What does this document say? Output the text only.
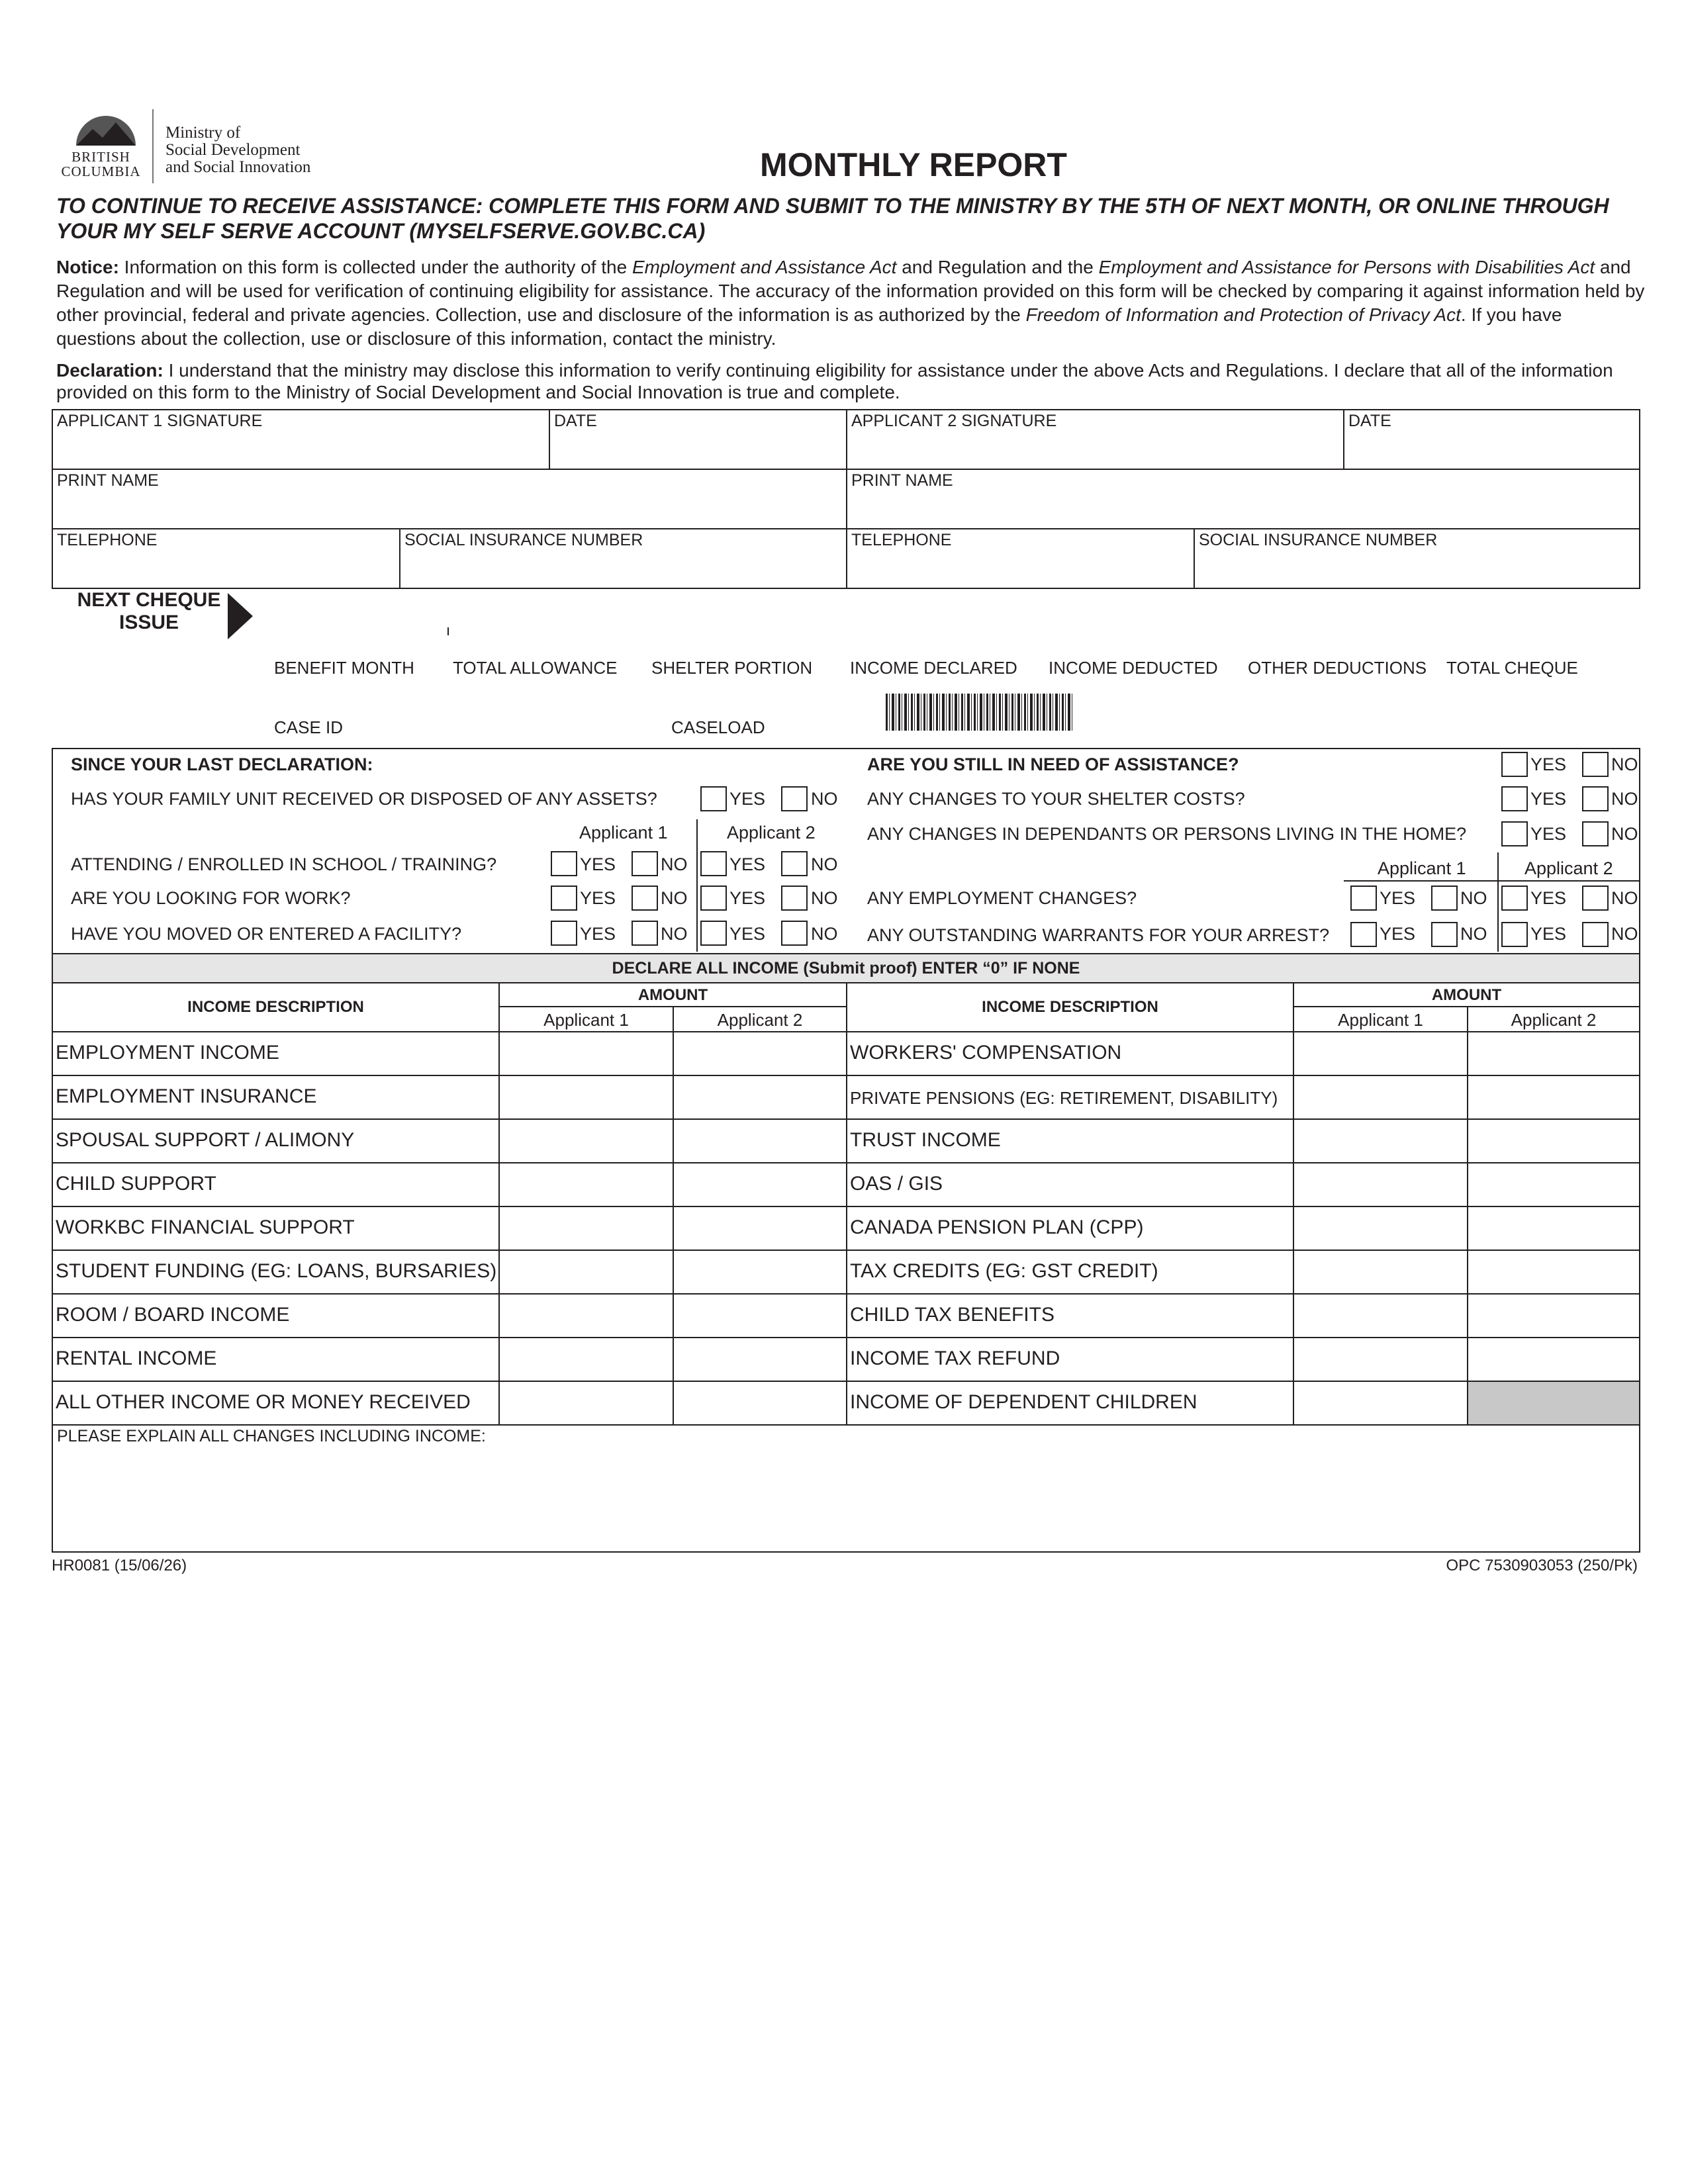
BRITISH
COLUMBIA
Ministry of
Social Development
and Social Innovation	MONTHLY REPORT
TO CONTINUE TO RECEIVE ASSISTANCE: COMPLETE THIS FORM AND SUBMIT TO THE MINISTRY BY THE 5TH OF NEXT MONTH, OR ONLINE THROUGH YOUR MY SELF SERVE ACCOUNT (MYSELFSERVE.GOV.BC.CA)
Notice: Information on this form is collected under the authority of the Employment and Assistance Act and Regulation and the Employment and Assistance for Persons with Disabilities Act and Regulation and will be used for verification of continuing eligibility for assistance. The accuracy of the information provided on this form will be checked by comparing it against information held by other provincial, federal and private agencies. Collection, use and disclosure of the information is as authorized by the Freedom of Information and Protection of Privacy Act. If you have questions about the collection, use or disclosure of this information, contact the ministry.
Declaration: I understand that the ministry may disclose this information to verify continuing eligibility for assistance under the above Acts and Regulations. I declare that all of the information provided on this form to the Ministry of Social Development and Social Innovation is true and complete.
APPLICANT 1 SIGNATURE	DATE	APPLICANT 2 SIGNATURE	DATE
PRINT NAME	PRINT NAME
TELEPHONE	SOCIAL INSURANCE NUMBER	TELEPHONE	SOCIAL INSURANCE NUMBER
NEXT CHEQUE
ISSUE
BENEFIT MONTH TOTAL ALLOWANCE SHELTER PORTION INCOME DECLARED INCOME DEDUCTED OTHER DEDUCTIONS TOTAL CHEQUE
CASE ID	CASELOAD
SINCE YOUR LAST DECLARATION:
HAS YOUR FAMILY UNIT RECEIVED OR DISPOSED OF ANY ASSETS?	YES	NO
Applicant 1	Applicant 2
ATTENDING / ENROLLED IN SCHOOL / TRAINING?	YES	NO YES	NO
ARE YOU LOOKING FOR WORK?	YES	NO YES	NO
HAVE YOU MOVED OR ENTERED A FACILITY?	YES	NO YES	NO
ARE YOU STILL IN NEED OF ASSISTANCE?	YES	NO
ANY CHANGES TO YOUR SHELTER COSTS?	YES	NO
ANY CHANGES IN DEPENDANTS OR PERSONS LIVING IN THE HOME?	YES	NO
Applicant 1	Applicant 2
ANY EMPLOYMENT CHANGES?	YES	NO YES	NO
ANY OUTSTANDING WARRANTS FOR YOUR ARREST?	YES	NO YES	NO
DECLARE ALL INCOME (Submit proof) ENTER “0” IF NONE
INCOME DESCRIPTION
AMOUNT
Applicant 1	Applicant 2
INCOME DESCRIPTION
AMOUNT
Applicant 1	Applicant 2
EMPLOYMENT INCOME	WORKERS' COMPENSATION
EMPLOYMENT INSURANCE	PRIVATE PENSIONS (EG: RETIREMENT, DISABILITY)
SPOUSAL SUPPORT / ALIMONY	TRUST INCOME
CHILD SUPPORT	OAS / GIS
WORKBC FINANCIAL SUPPORT	CANADA PENSION PLAN (CPP)
STUDENT FUNDING (EG: LOANS, BURSARIES)	TAX CREDITS (EG: GST CREDIT)
ROOM / BOARD INCOME	CHILD TAX BENEFITS
RENTAL INCOME	INCOME TAX REFUND
ALL OTHER INCOME OR MONEY RECEIVED	INCOME OF DEPENDENT CHILDREN
PLEASE EXPLAIN ALL CHANGES INCLUDING INCOME:
HR0081 (15/06/26)	OPC 7530903053 (250/Pk)
